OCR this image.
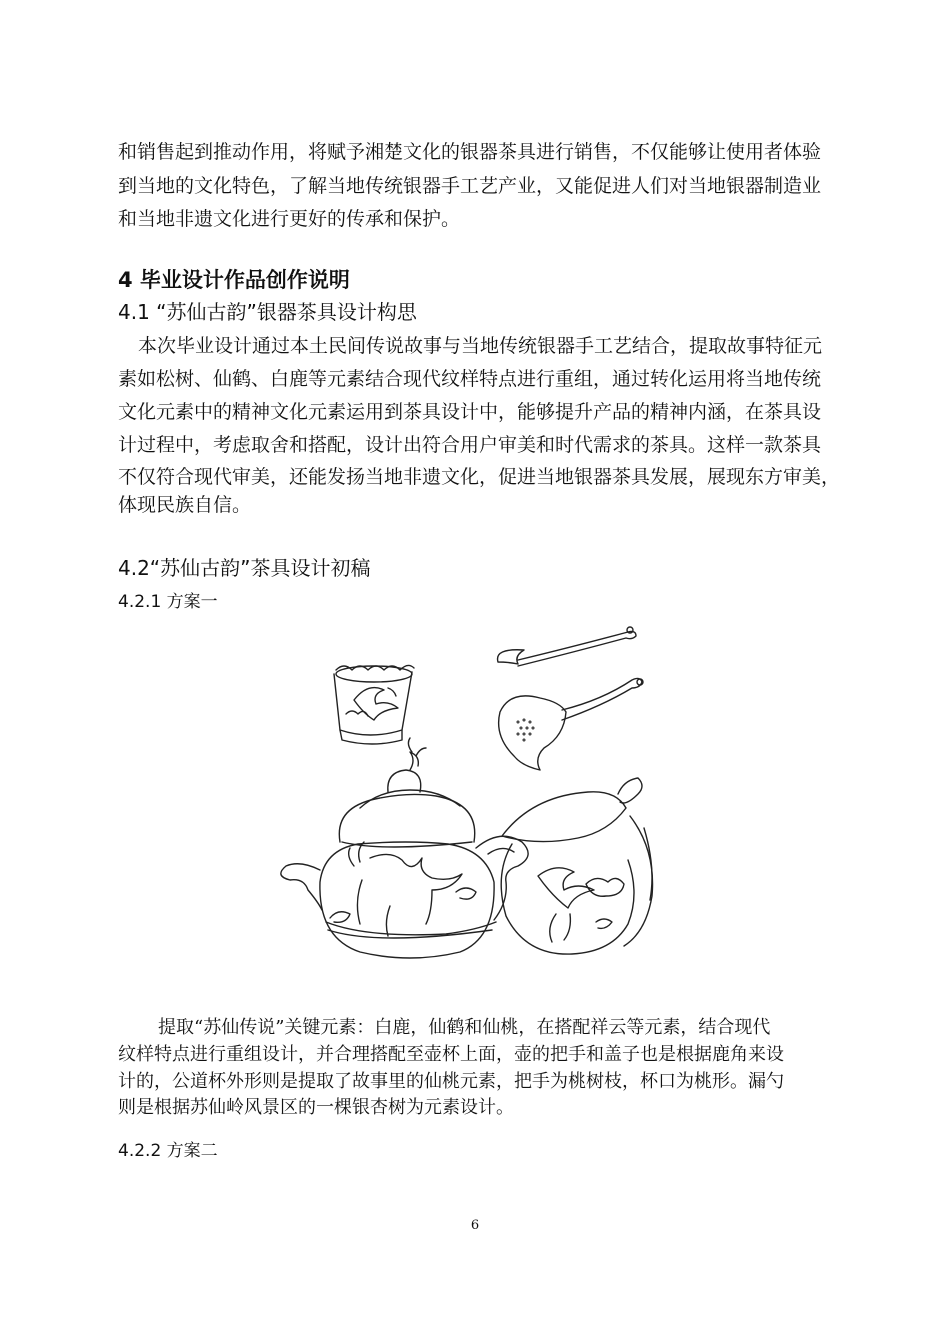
和销售起到推动作用，将赋予湘楚文化的银器茶具进行销售，不仅能够让使用者体验
到当地的文化特色，了解当地传统银器手工艺产业，又能促进人们对当地银器制造业
和当地非遗文化进行更好的传承和保护。
4 毕业设计作品创作说明
4.1 “苏仙古韵”银器茶具设计构思
本次毕业设计通过本土民间传说故事与当地传统银器手工艺结合，提取故事特征元
素如松树、仙鹤、白鹿等元素结合现代纹样特点进行重组，通过转化运用将当地传统
文化元素中的精神文化元素运用到茶具设计中，能够提升产品的精神内涵，在茶具设
计过程中，考虑取舍和搭配，设计出符合用户审美和时代需求的茶具。这样一款茶具
不仅符合现代审美，还能发扬当地非遗文化，促进当地银器茶具发展，展现东方审美，
体现民族自信。
4.2“苏仙古韵”茶具设计初稿
4.2.1 方案一
提取“苏仙传说”关键元素：白鹿，仙鹤和仙桃，在搭配祥云等元素，结合现代
纹样特点进行重组设计，并合理搭配至壶杯上面，壶的把手和盖子也是根据鹿角来设
计的，公道杯外形则是提取了故事里的仙桃元素，把手为桃树枝，杯口为桃形。漏勺
则是根据苏仙岭风景区的一棵银杏树为元素设计。
4.2.2 方案二
6
